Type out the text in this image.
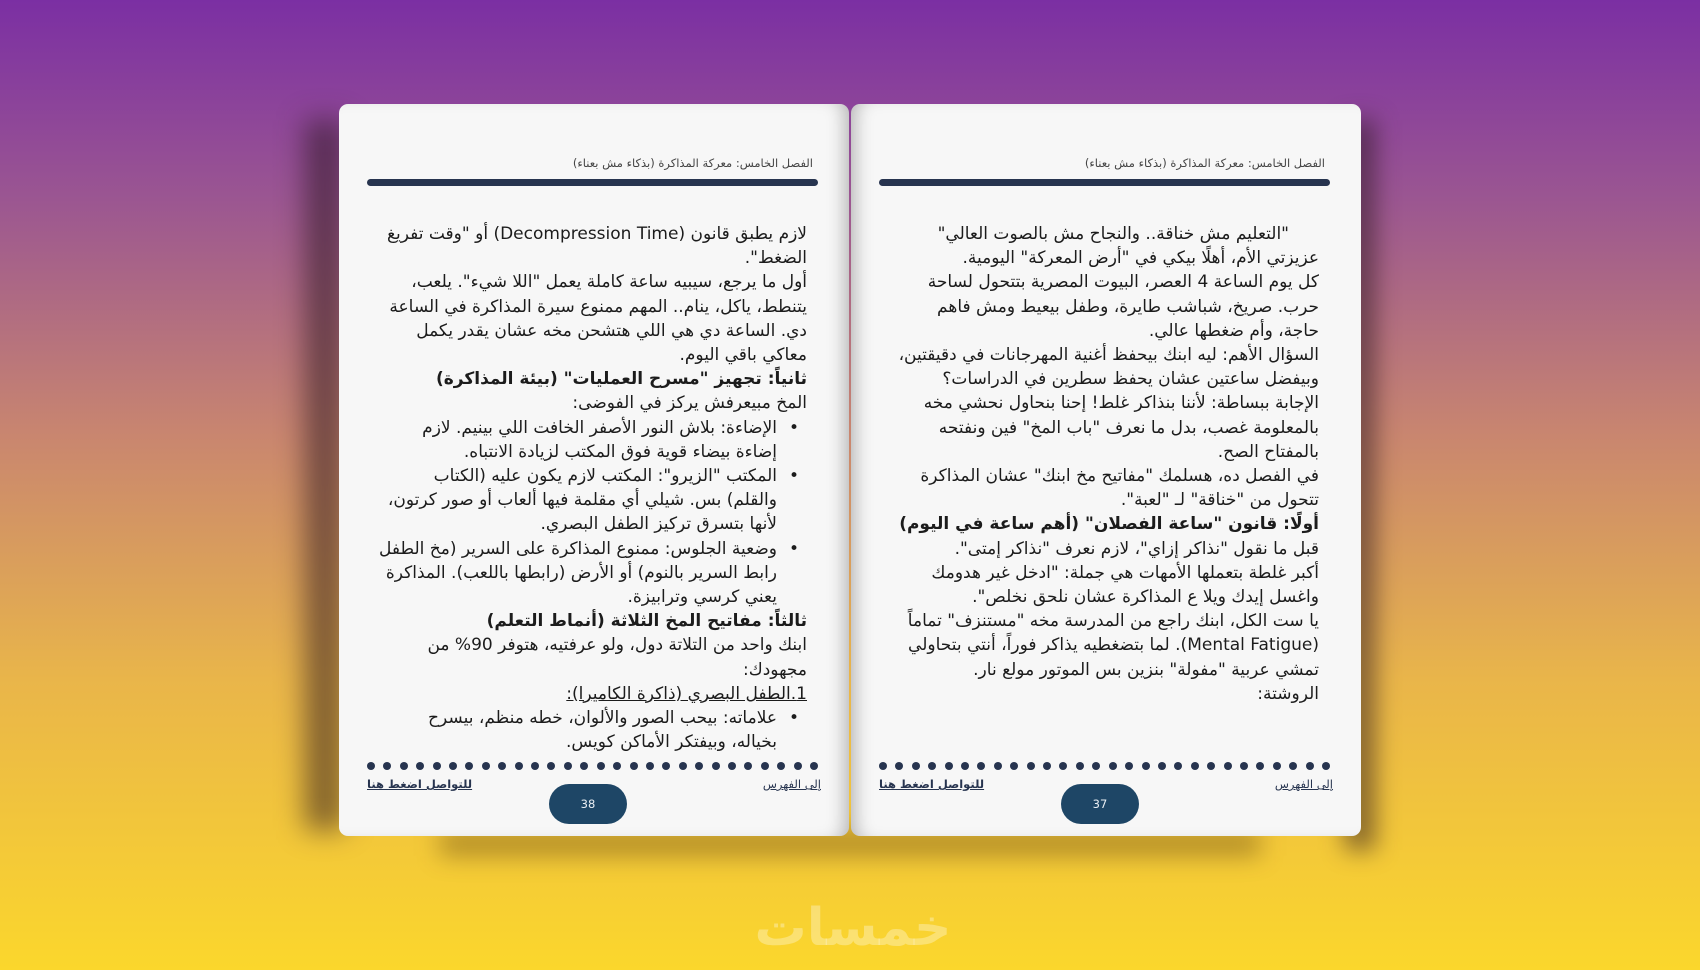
الفصل الخامس: معركة المذاكرة (بذكاء مش بعناء)

لازم يطبق قانون (Decompression Time) أو "وقت تفريغ الضغط".

أول ما يرجع، سيبيه ساعة كاملة يعمل "اللا شيء". يلعب، يتنطط، ياكل، ينام.. المهم ممنوع سيرة المذاكرة في الساعة دي. الساعة دي هي اللي هتشحن مخه عشان يقدر يكمل معاكي باقي اليوم.

ثانياً: تجهيز "مسرح العمليات" (بيئة المذاكرة)

المخ مبيعرفش يركز في الفوضى:

• الإضاءة: بلاش النور الأصفر الخافت اللي بينيم. لازم إضاءة بيضاء قوية فوق المكتب لزيادة الانتباه.
• المكتب "الزيرو": المكتب لازم يكون عليه (الكتاب والقلم) بس. شيلي أي مقلمة فيها ألعاب أو صور كرتون، لأنها بتسرق تركيز الطفل البصري.
• وضعية الجلوس: ممنوع المذاكرة على السرير (مخ الطفل رابط السرير بالنوم) أو الأرض (رابطها باللعب). المذاكرة يعني كرسي وترابيزة.

ثالثاً: مفاتيح المخ الثلاثة (أنماط التعلم)

ابنك واحد من التلاتة دول، ولو عرفتيه، هتوفر 90% من مجهودك:

1.الطفل البصري (ذاكرة الكاميرا):

• علاماته: بيحب الصور والألوان، خطه منظم، بيسرح بخياله، وبيفتكر الأماكن كويس.
إلى الفهرس
للتواصل اضغط هنا
38
الفصل الخامس: معركة المذاكرة (بذكاء مش بعناء)

"التعليم مش خناقة.. والنجاح مش بالصوت العالي"

عزيزتي الأم، أهلًا بيكي في "أرض المعركة" اليومية.

كل يوم الساعة 4 العصر، البيوت المصرية بتتحول لساحة حرب. صريخ، شباشب طايرة، وطفل بيعيط ومش فاهم حاجة، وأم ضغطها عالي.

السؤال الأهم: ليه ابنك بيحفظ أغنية المهرجانات في دقيقتين، وبيفضل ساعتين عشان يحفظ سطرين في الدراسات؟

الإجابة ببساطة: لأننا بنذاكر غلط! إحنا بنحاول نحشي مخه بالمعلومة غصب، بدل ما نعرف "باب المخ" فين ونفتحه بالمفتاح الصح.

في الفصل ده، هسلمك "مفاتيح مخ ابنك" عشان المذاكرة تتحول من "خناقة" لـ "لعبة".

أولًا: قانون "ساعة الفصلان" (أهم ساعة في اليوم)

قبل ما نقول "نذاكر إزاي"، لازم نعرف "نذاكر إمتى".

أكبر غلطة بتعملها الأمهات هي جملة: "ادخل غير هدومك واغسل إيدك ويلا ع المذاكرة عشان نلحق نخلص".

يا ست الكل، ابنك راجع من المدرسة مخه "مستنزف" تماماً (Mental Fatigue). لما بتضغطيه يذاكر فوراً، أنتي بتحاولي تمشي عربية "مفولة" بنزين بس الموتور مولع نار.

الروشتة:

إلى الفهرس
للتواصل اضغط هنا
37
خمسات
